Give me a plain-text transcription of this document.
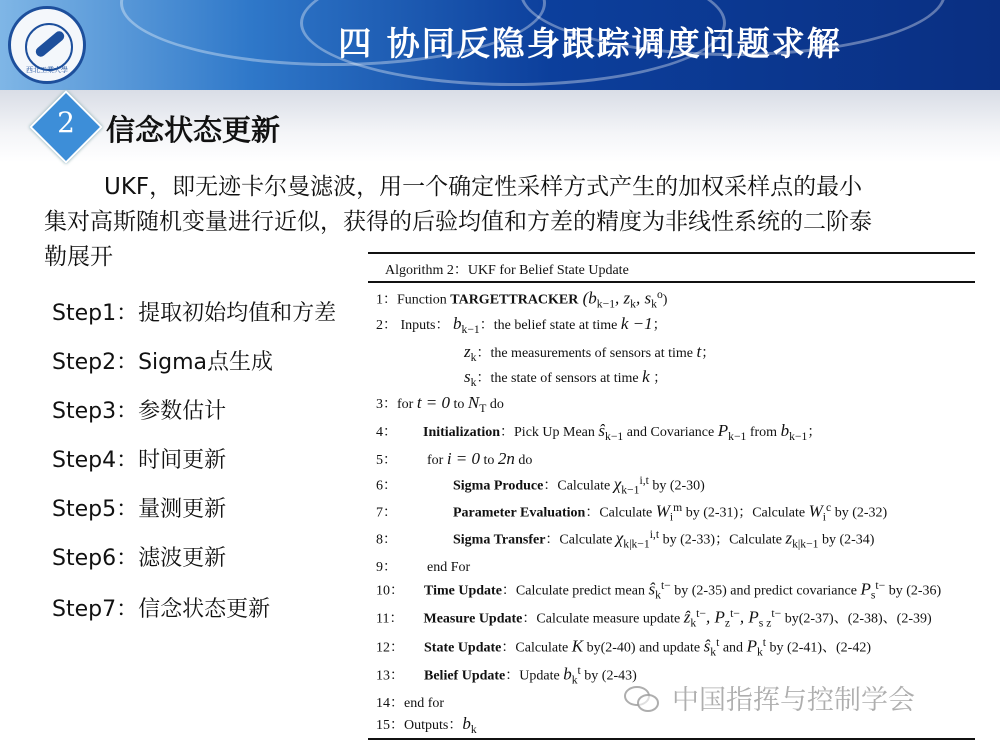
西北工業大學
四 协同反隐身跟踪调度问题求解
2	信念状态更新
UKF，即无迹卡尔曼滤波，用一个确定性采样方式产生的加权采样点的最小
集对高斯随机变量进行近似，获得的后验均值和方差的精度为非线性系统的二阶泰
勒展开
Step1：提取初始均值和方差
Step2：Sigma点生成
Step3：参数估计
Step4：时间更新
Step5：量测更新
Step6：滤波更新
Step7：信念状态更新
Algorithm 2：UKF for Belief State Update
1：Function TARGETTRACKER ($b_{k-1}$, $z_k$, $s_k^o$)
2： Inputs： $b_{k-1}$：the belief state at time k −1；
$z_k$：the measurements of sensors at time t；
$s_k$：the state of sensors at time k ；
3：for t = 0 to $N_T$ do
4： Initialization：Pick Up Mean $ŝ_{k-1}$ and Covariance $P_{k-1}$ from $b_{k-1}$；
5： for i = 0 to 2n do
6：	Sigma Produce：Calculate $\chi_{k-1}^{i,t}$ by (2-30)
7：	Parameter Evaluation：Calculate $W_i^m$ by (2-31)；Calculate $W_i^c$ by (2-32)
8：	Sigma Transfer：Calculate $\chi_{k|k-1}^{i,t}$ by (2-33)；Calculate $z_{k|k-1}$ by (2-34)
9： end For
10： Time Update：Calculate predict mean $ŝ_k^{t-}$ by (2-35) and predict covariance $P_s^{t-}$ by (2-36)
11： Measure Update：Calculate measure update ẑ$_k^{t-}$, $P_z^{t-}$, $P_{s z}^{t-}$ by(2-37)、(2-38)、(2-39)
12： State Update：Calculate K by(2-40) and update $ŝ_k^t$ and $P_k^t$ by (2-41)、(2-42)
13： Belief Update：Update $b_k^t$ by (2-43)
14：end for
15：Outputs：$b_k$
中国指挥与控制学会
